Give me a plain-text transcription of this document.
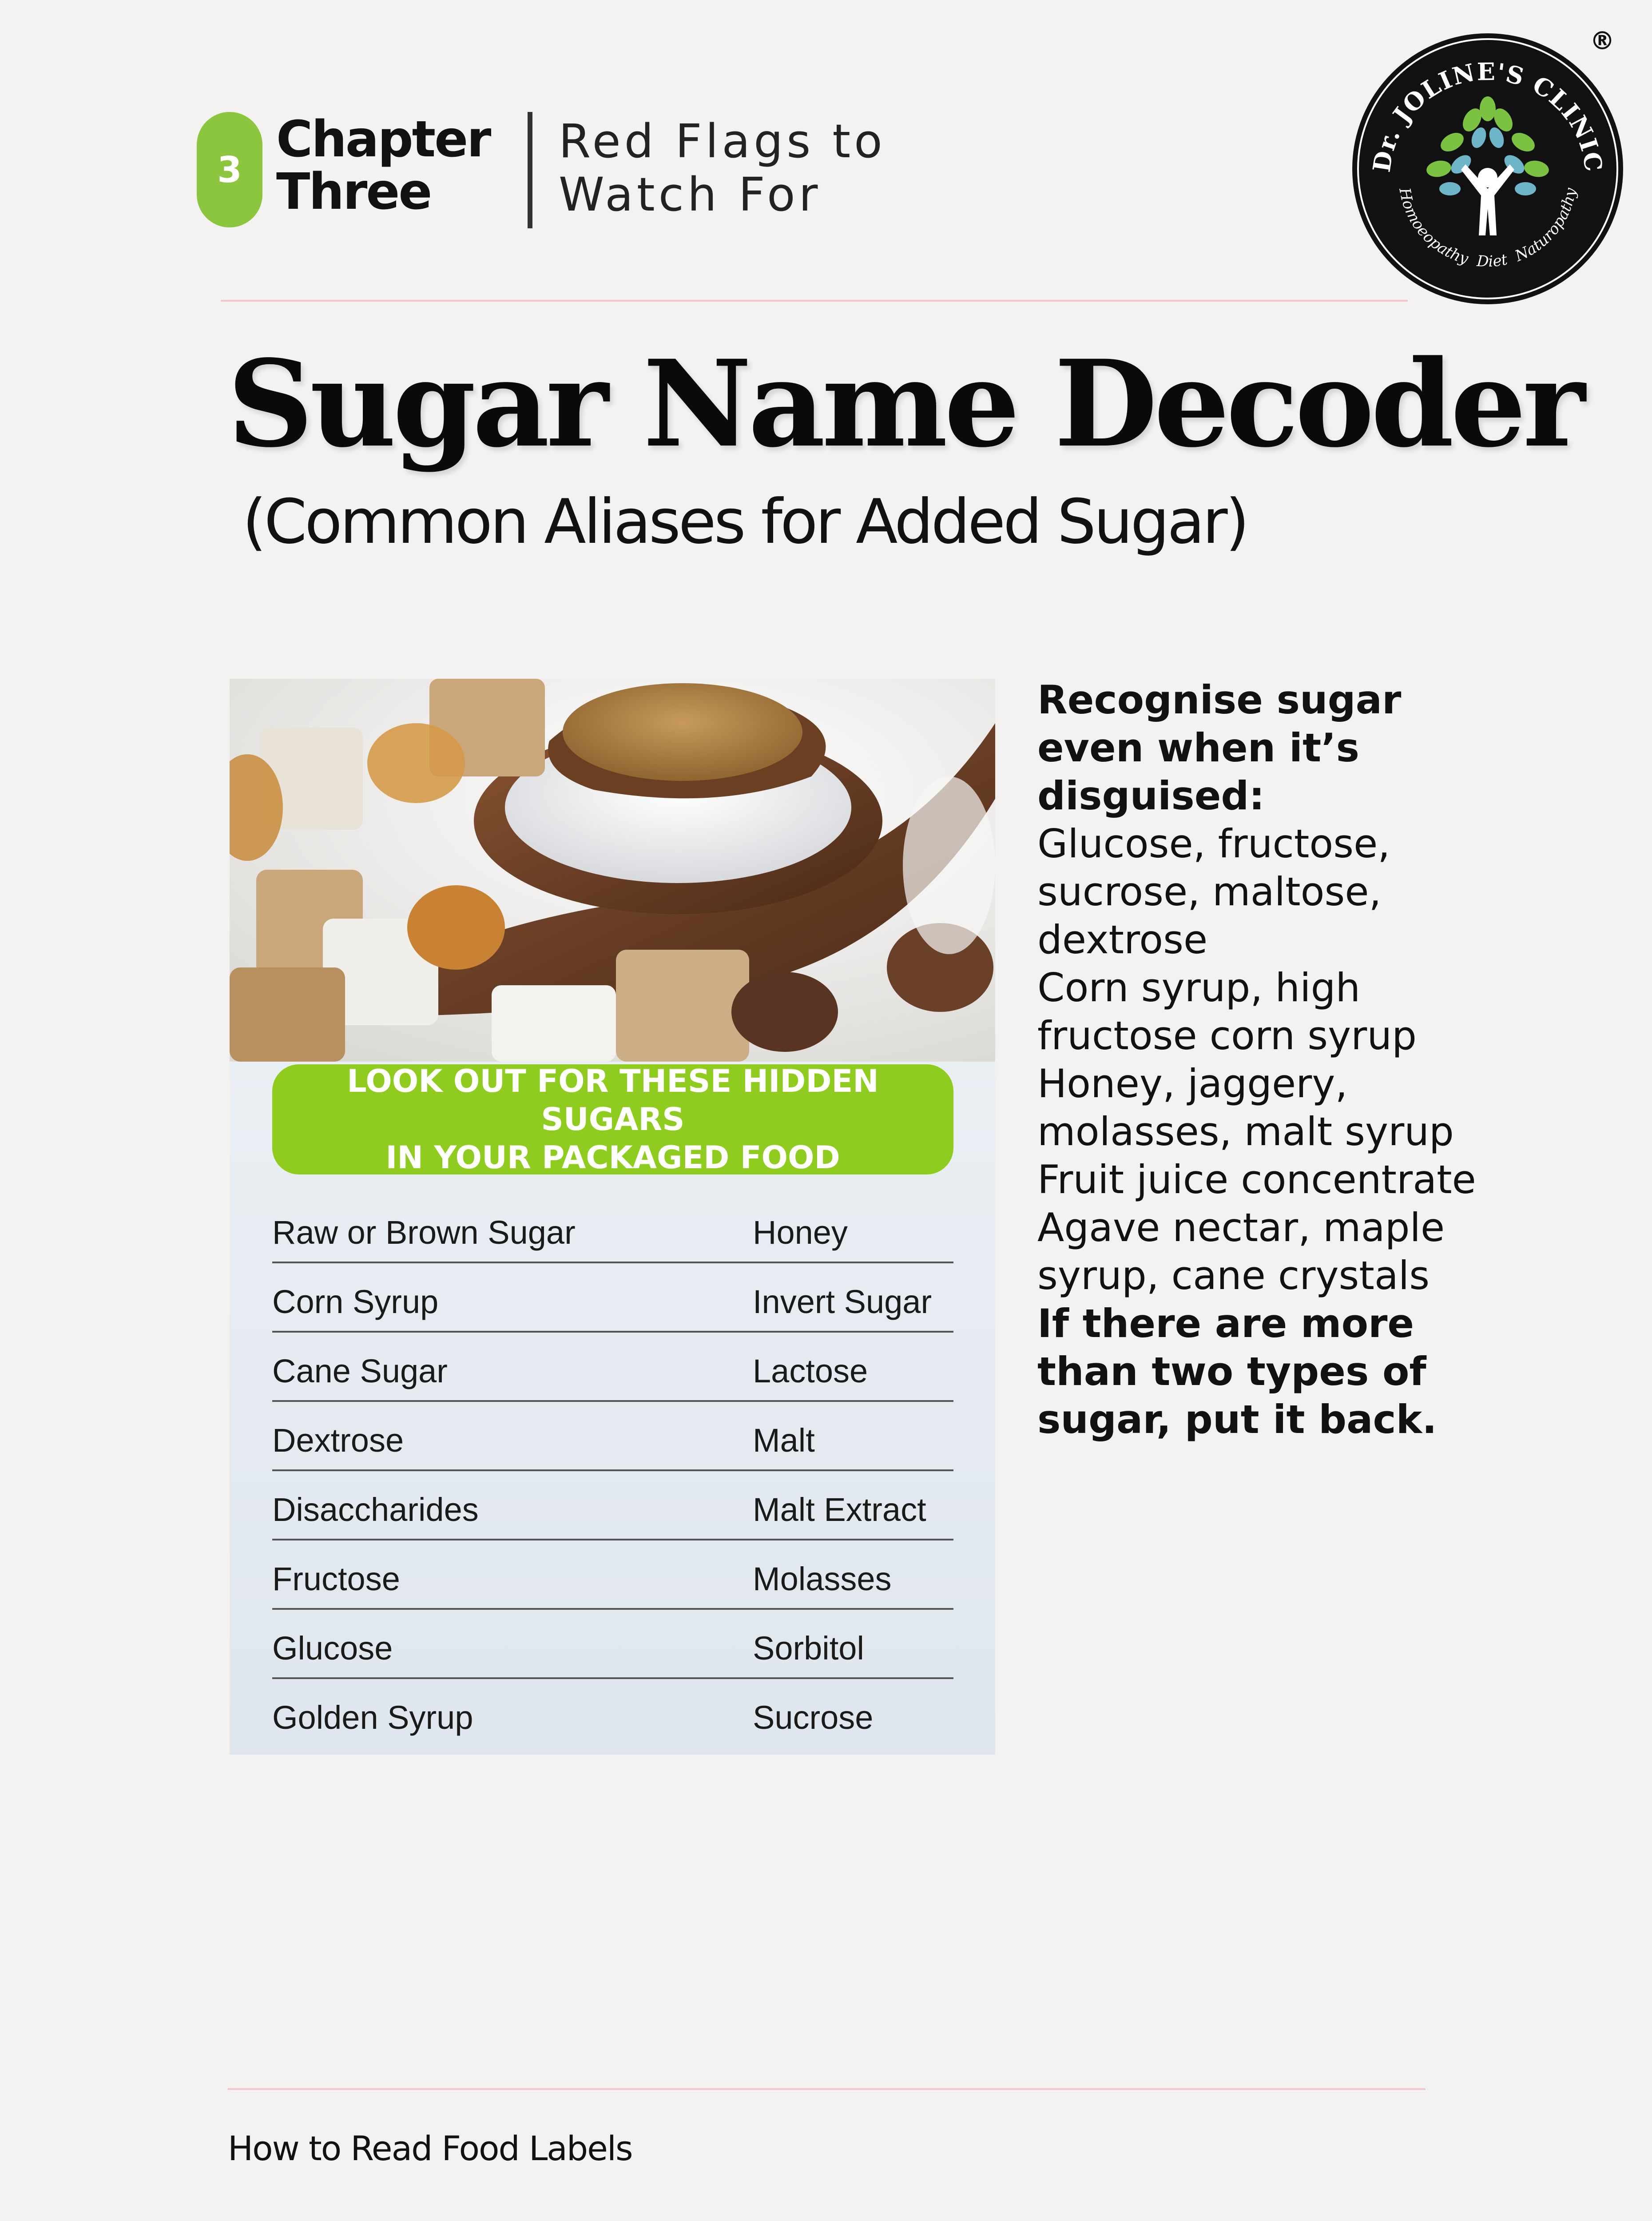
3
Chapter
Three
Red Flags to
Watch For
Dr. JOLINE'S CLINIC
Homoeopathy Diet Naturopathy
®
Sugar Name Decoder
(Common Aliases for Added Sugar)
LOOK OUT FOR THESE HIDDEN SUGARS
IN YOUR PACKAGED FOOD
Raw or Brown Sugar	Honey
Corn Syrup	Invert Sugar
Cane Sugar	Lactose
Dextrose	Malt
Disaccharides	Malt Extract
Fructose	Molasses
Glucose	Sorbitol
Golden Syrup	Sucrose

Recognise sugar even when it’s disguised:

Glucose, fructose, sucrose, maltose, dextrose

Corn syrup, high fructose corn syrup

Honey, jaggery, molasses, malt syrup

Fruit juice concentrate

Agave nectar, maple syrup, cane crystals

If there are more than two types of sugar, put it back.

How to Read Food Labels
